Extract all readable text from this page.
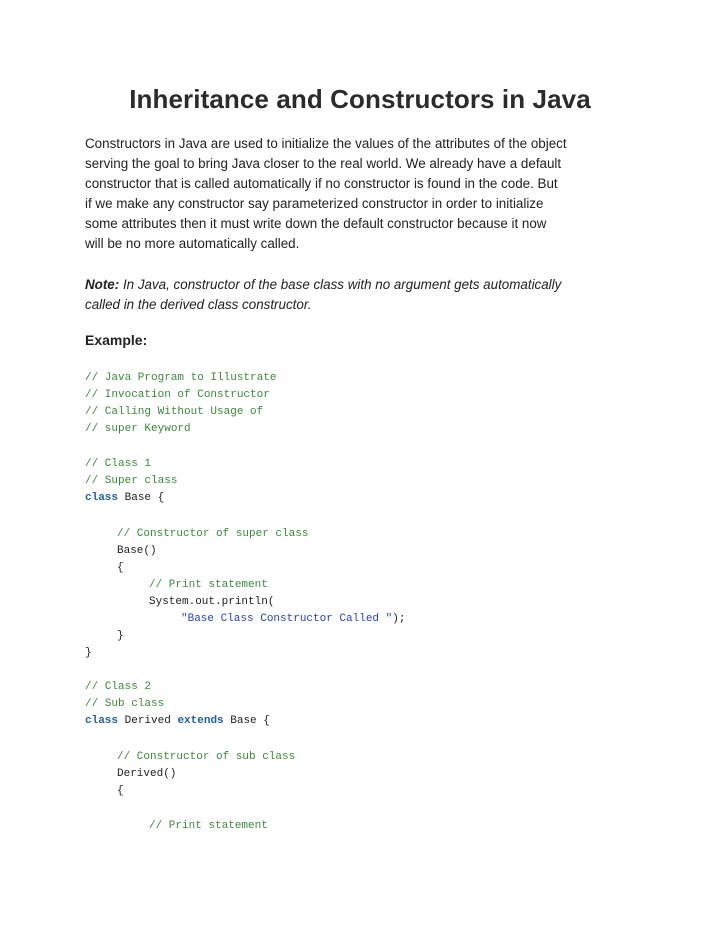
Inheritance and Constructors in Java
Constructors in Java are used to initialize the values of the attributes of the object
serving the goal to bring Java closer to the real world. We already have a default
constructor that is called automatically if no constructor is found in the code. But
if we make any constructor say parameterized constructor in order to initialize
some attributes then it must write down the default constructor because it now
will be no more automatically called.
Note: In Java, constructor of the base class with no argument gets automatically
called in the derived class constructor.
Example:
// Java Program to Illustrate
// Invocation of Constructor
// Calling Without Usage of
// super Keyword
// Class 1
// Super class
class Base {
// Constructor of super class
Base()
{
// Print statement
System.out.println(
"Base Class Constructor Called ");
}
}
// Class 2
// Sub class
class Derived extends Base {
// Constructor of sub class
Derived()
{
// Print statement
